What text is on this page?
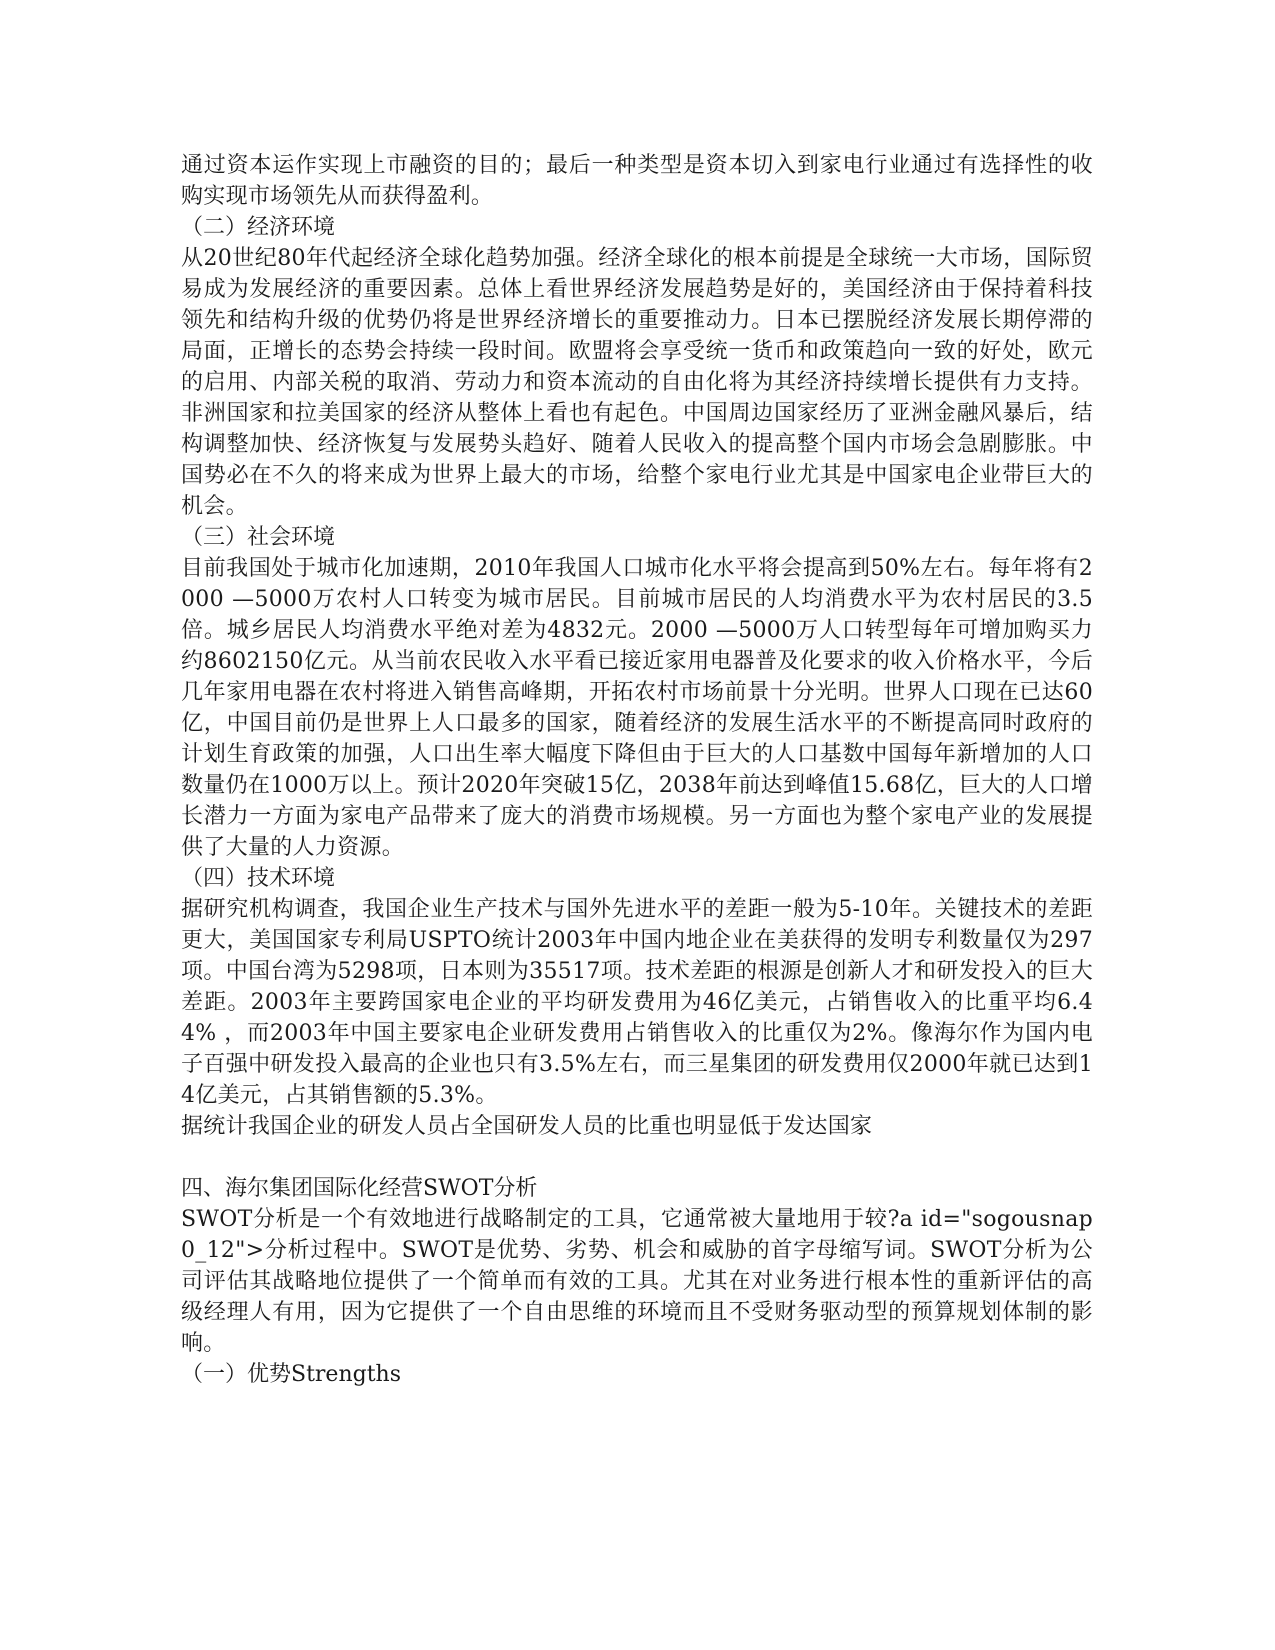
通过资本运作实现上市融资的目的；最后一种类型是资本切入到家电行业通过有选择性的收购实现市场领先从而获得盈利。

（二）经济环境

从20世纪80年代起经济全球化趋势加强。经济全球化的根本前提是全球统一大市场，国际贸易成为发展经济的重要因素。总体上看世界经济发展趋势是好的，美国经济由于保持着科技领先和结构升级的优势仍将是世界经济增长的重要推动力。日本已摆脱经济发展长期停滞的局面，正增长的态势会持续一段时间。欧盟将会享受统一货币和政策趋向一致的好处，欧元的启用、内部关税的取消、劳动力和资本流动的自由化将为其经济持续增长提供有力支持。非洲国家和拉美国家的经济从整体上看也有起色。中国周边国家经历了亚洲金融风暴后，结构调整加快、经济恢复与发展势头趋好、随着人民收入的提高整个国内市场会急剧膨胀。中国势必在不久的将来成为世界上最大的市场，给整个家电行业尤其是中国家电企业带巨大的机会。

（三）社会环境

目前我国处于城市化加速期，2010年我国人口城市化水平将会提高到50%左右。每年将有2000 —5000万农村人口转变为城市居民。目前城市居民的人均消费水平为农村居民的3.5倍。城乡居民人均消费水平绝对差为4832元。2000 —5000万人口转型每年可增加购买力约8602150亿元。从当前农民收入水平看已接近家用电器普及化要求的收入价格水平，今后几年家用电器在农村将进入销售高峰期，开拓农村市场前景十分光明。世界人口现在已达60亿，中国目前仍是世界上人口最多的国家，随着经济的发展生活水平的不断提高同时政府的计划生育政策的加强，人口出生率大幅度下降但由于巨大的人口基数中国每年新增加的人口数量仍在1000万以上。预计2020年突破15亿，2038年前达到峰值15.68亿，巨大的人口增长潜力一方面为家电产品带来了庞大的消费市场规模。另一方面也为整个家电产业的发展提供了大量的人力资源。

（四）技术环境

据研究机构调查，我国企业生产技术与国外先进水平的差距一般为5-10年。关键技术的差距更大，美国国家专利局USPTO统计2003年中国内地企业在美获得的发明专利数量仅为297 项。中国台湾为5298项，日本则为35517项。技术差距的根源是创新人才和研发投入的巨大差距。2003年主要跨国家电企业的平均研发费用为46亿美元，占销售收入的比重平均6.44% ，而2003年中国主要家电企业研发费用占销售收入的比重仅为2%。像海尔作为国内电子百强中研发投入最高的企业也只有3.5%左右，而三星集团的研发费用仅2000年就已达到14亿美元，占其销售额的5.3%。

据统计我国企业的研发人员占全国研发人员的比重也明显低于发达国家

四、海尔集团国际化经营SWOT分析

SWOT分析是一个有效地进行战略制定的工具，它通常被大量地用于较?a id="sogousnap0_12">分析过程中。SWOT是优势、劣势、机会和威胁的首字母缩写词。SWOT分析为公司评估其战略地位提供了一个简单而有效的工具。尤其在对业务进行根本性的重新评估的高级经理人有用，因为它提供了一个自由思维的环境而且不受财务驱动型的预算规划体制的影响。

（一）优势Strengths
